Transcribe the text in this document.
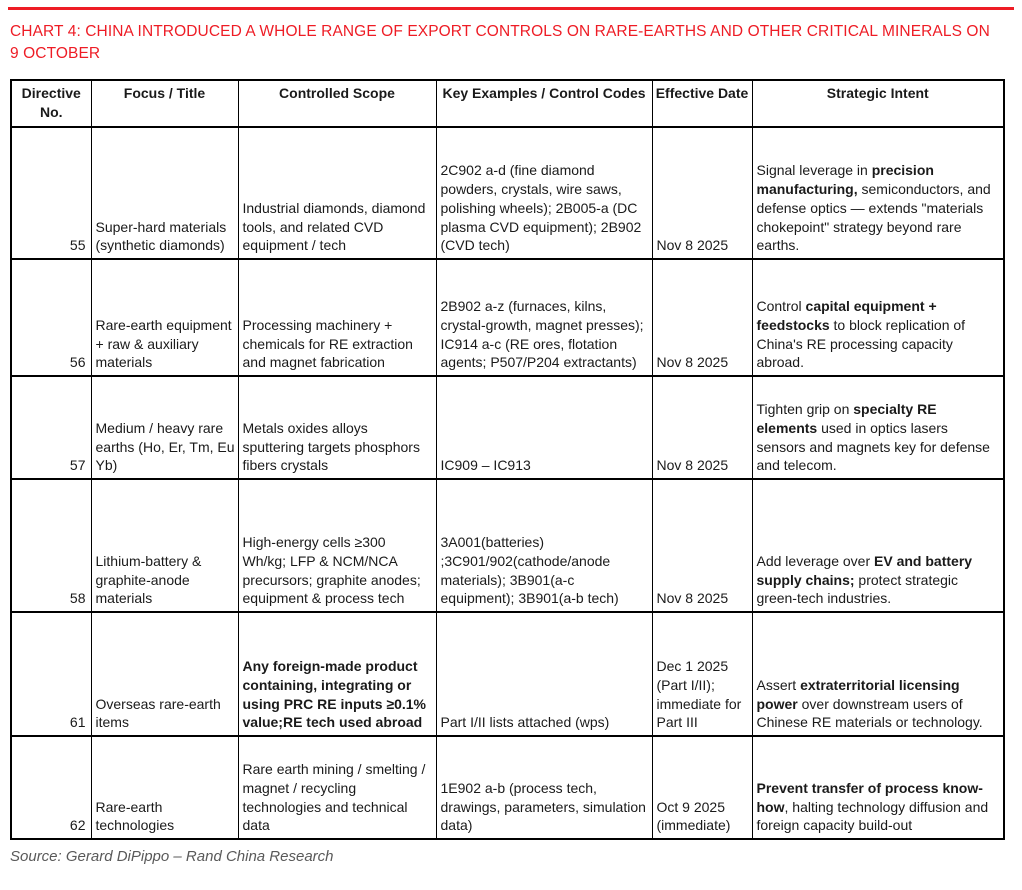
CHART 4: CHINA INTRODUCED A WHOLE RANGE OF EXPORT CONTROLS ON RARE-EARTHS AND OTHER CRITICAL MINERALS ON 9 OCTOBER
Directive No.	Focus / Title	Controlled Scope	Key Examples / Control Codes	Effective Date	Strategic Intent
55	Super-hard materials (synthetic diamonds)	Industrial diamonds, diamond tools, and related CVD equipment / tech	2C902 a-d (fine diamond powders, crystals, wire saws, polishing wheels); 2B005-a (DC plasma CVD equipment); 2B902 (CVD tech)	Nov 8 2025	Signal leverage in precision manufacturing, semiconductors, and defense optics — extends "materials chokepoint" strategy beyond rare earths.
56	Rare-earth equipment + raw & auxiliary materials	Processing machinery + chemicals for RE extraction and magnet fabrication	2B902 a-z (furnaces, kilns, crystal-growth, magnet presses); IC914 a-c (RE ores, flotation agents; P507/P204 extractants)	Nov 8 2025	Control capital equipment + feedstocks to block replication of China's RE processing capacity abroad.
57	Medium / heavy rare earths (Ho, Er, Tm, Eu Yb)	Metals oxides alloys sputtering targets phosphors fibers crystals	IC909 – IC913	Nov 8 2025	Tighten grip on specialty RE elements used in optics lasers sensors and magnets key for defense and telecom.
58	Lithium-battery & graphite-anode materials	High-energy cells ≥300 Wh/kg; LFP & NCM/NCA precursors; graphite anodes; equipment & process tech	3A001(batteries) ;3C901/902(cathode/anode materials); 3B901(a-c equipment); 3B901(a-b tech)	Nov 8 2025	Add leverage over EV and battery supply chains; protect strategic green-tech industries.
61	Overseas rare-earth items	Any foreign-made product containing, integrating or using PRC RE inputs ≥0.1% value;RE tech used abroad	Part I/II lists attached (wps)	Dec 1 2025 (Part I/II); immediate for Part III	Assert extraterritorial licensing power over downstream users of Chinese RE materials or technology.
62	Rare-earth technologies	Rare earth mining / smelting / magnet / recycling technologies and technical data	1E902 a-b (process tech, drawings, parameters, simulation data)	Oct 9 2025 (immediate)	Prevent transfer of process know-how, halting technology diffusion and foreign capacity build-out
Source: Gerard DiPippo – Rand China Research
